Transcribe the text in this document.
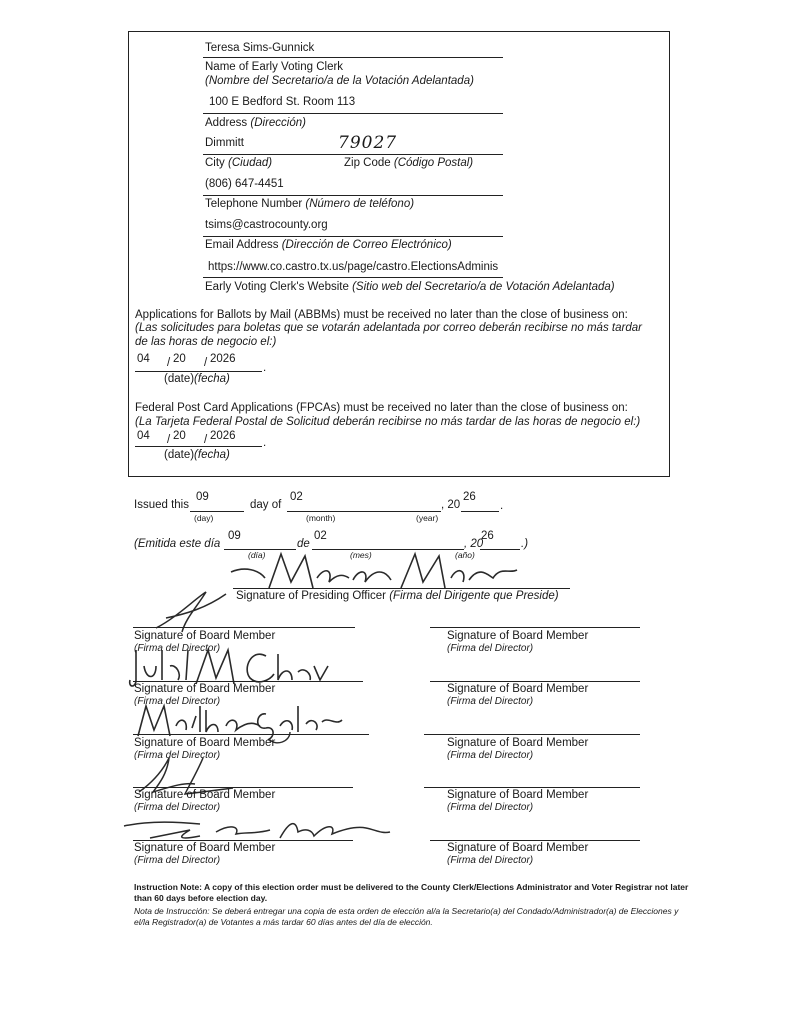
Teresa Sims-Gunnick
Name of Early Voting Clerk
(Nombre del Secretario/a de la Votación Adelantada)
100 E Bedford St. Room 113
Address (Dirección)
Dimmitt	79027
City (Ciudad)	Zip Code (Código Postal)
(806) 647-4451
Telephone Number (Número de teléfono)
tsims@castrocounty.org
Email Address (Dirección de Correo Electrónico)
https://www.co.castro.tx.us/page/castro.ElectionsAdminis
Early Voting Clerk's Website (Sitio web del Secretario/a de Votación Adelantada)
Applications for Ballots by Mail (ABBMs) must be received no later than the close of business on:
(Las solicitudes para boletas que se votarán adelantada por correo deberán recibirse no más tardar
de las horas de negocio el:)
04 / 20 / 2026
.
(date)(fecha)
Federal Post Card Applications (FPCAs) must be received no later than the close of business on:
(La Tarjeta Federal Postal de Solicitud deberán recibirse no más tardar de las horas de negocio el:)
04 / 20 / 2026
.
(date)(fecha)
Issued this
09
day of
02
, 20
26
.
(day)	(month)	(year)
(Emitida este día
09
de
02
, 20
26
.)
(día)	(mes)	(año)
Signature of Presiding Officer (Firma del Dirigente que Preside)
Signature of Board Member
(Firma del Director)
Signature of Board Member
(Firma del Director)
Signature of Board Member
(Firma del Director)
Signature of Board Member
(Firma del Director)
Signature of Board Member
(Firma del Director)
Signature of Board Member
(Firma del Director)
Signature of Board Member
(Firma del Director)
Signature of Board Member
(Firma del Director)
Signature of Board Member
(Firma del Director)
Signature of Board Member
(Firma del Director)
Instruction Note: A copy of this election order must be delivered to the County Clerk/Elections Administrator and Voter Registrar not later than 60 days before election day.
Nota de Instrucción: Se deberá entregar una copia de esta orden de elección al/a la Secretario(a) del Condado/Administrador(a) de Elecciones y el/la Registrador(a) de Votantes a más tardar 60 días antes del día de elección.
